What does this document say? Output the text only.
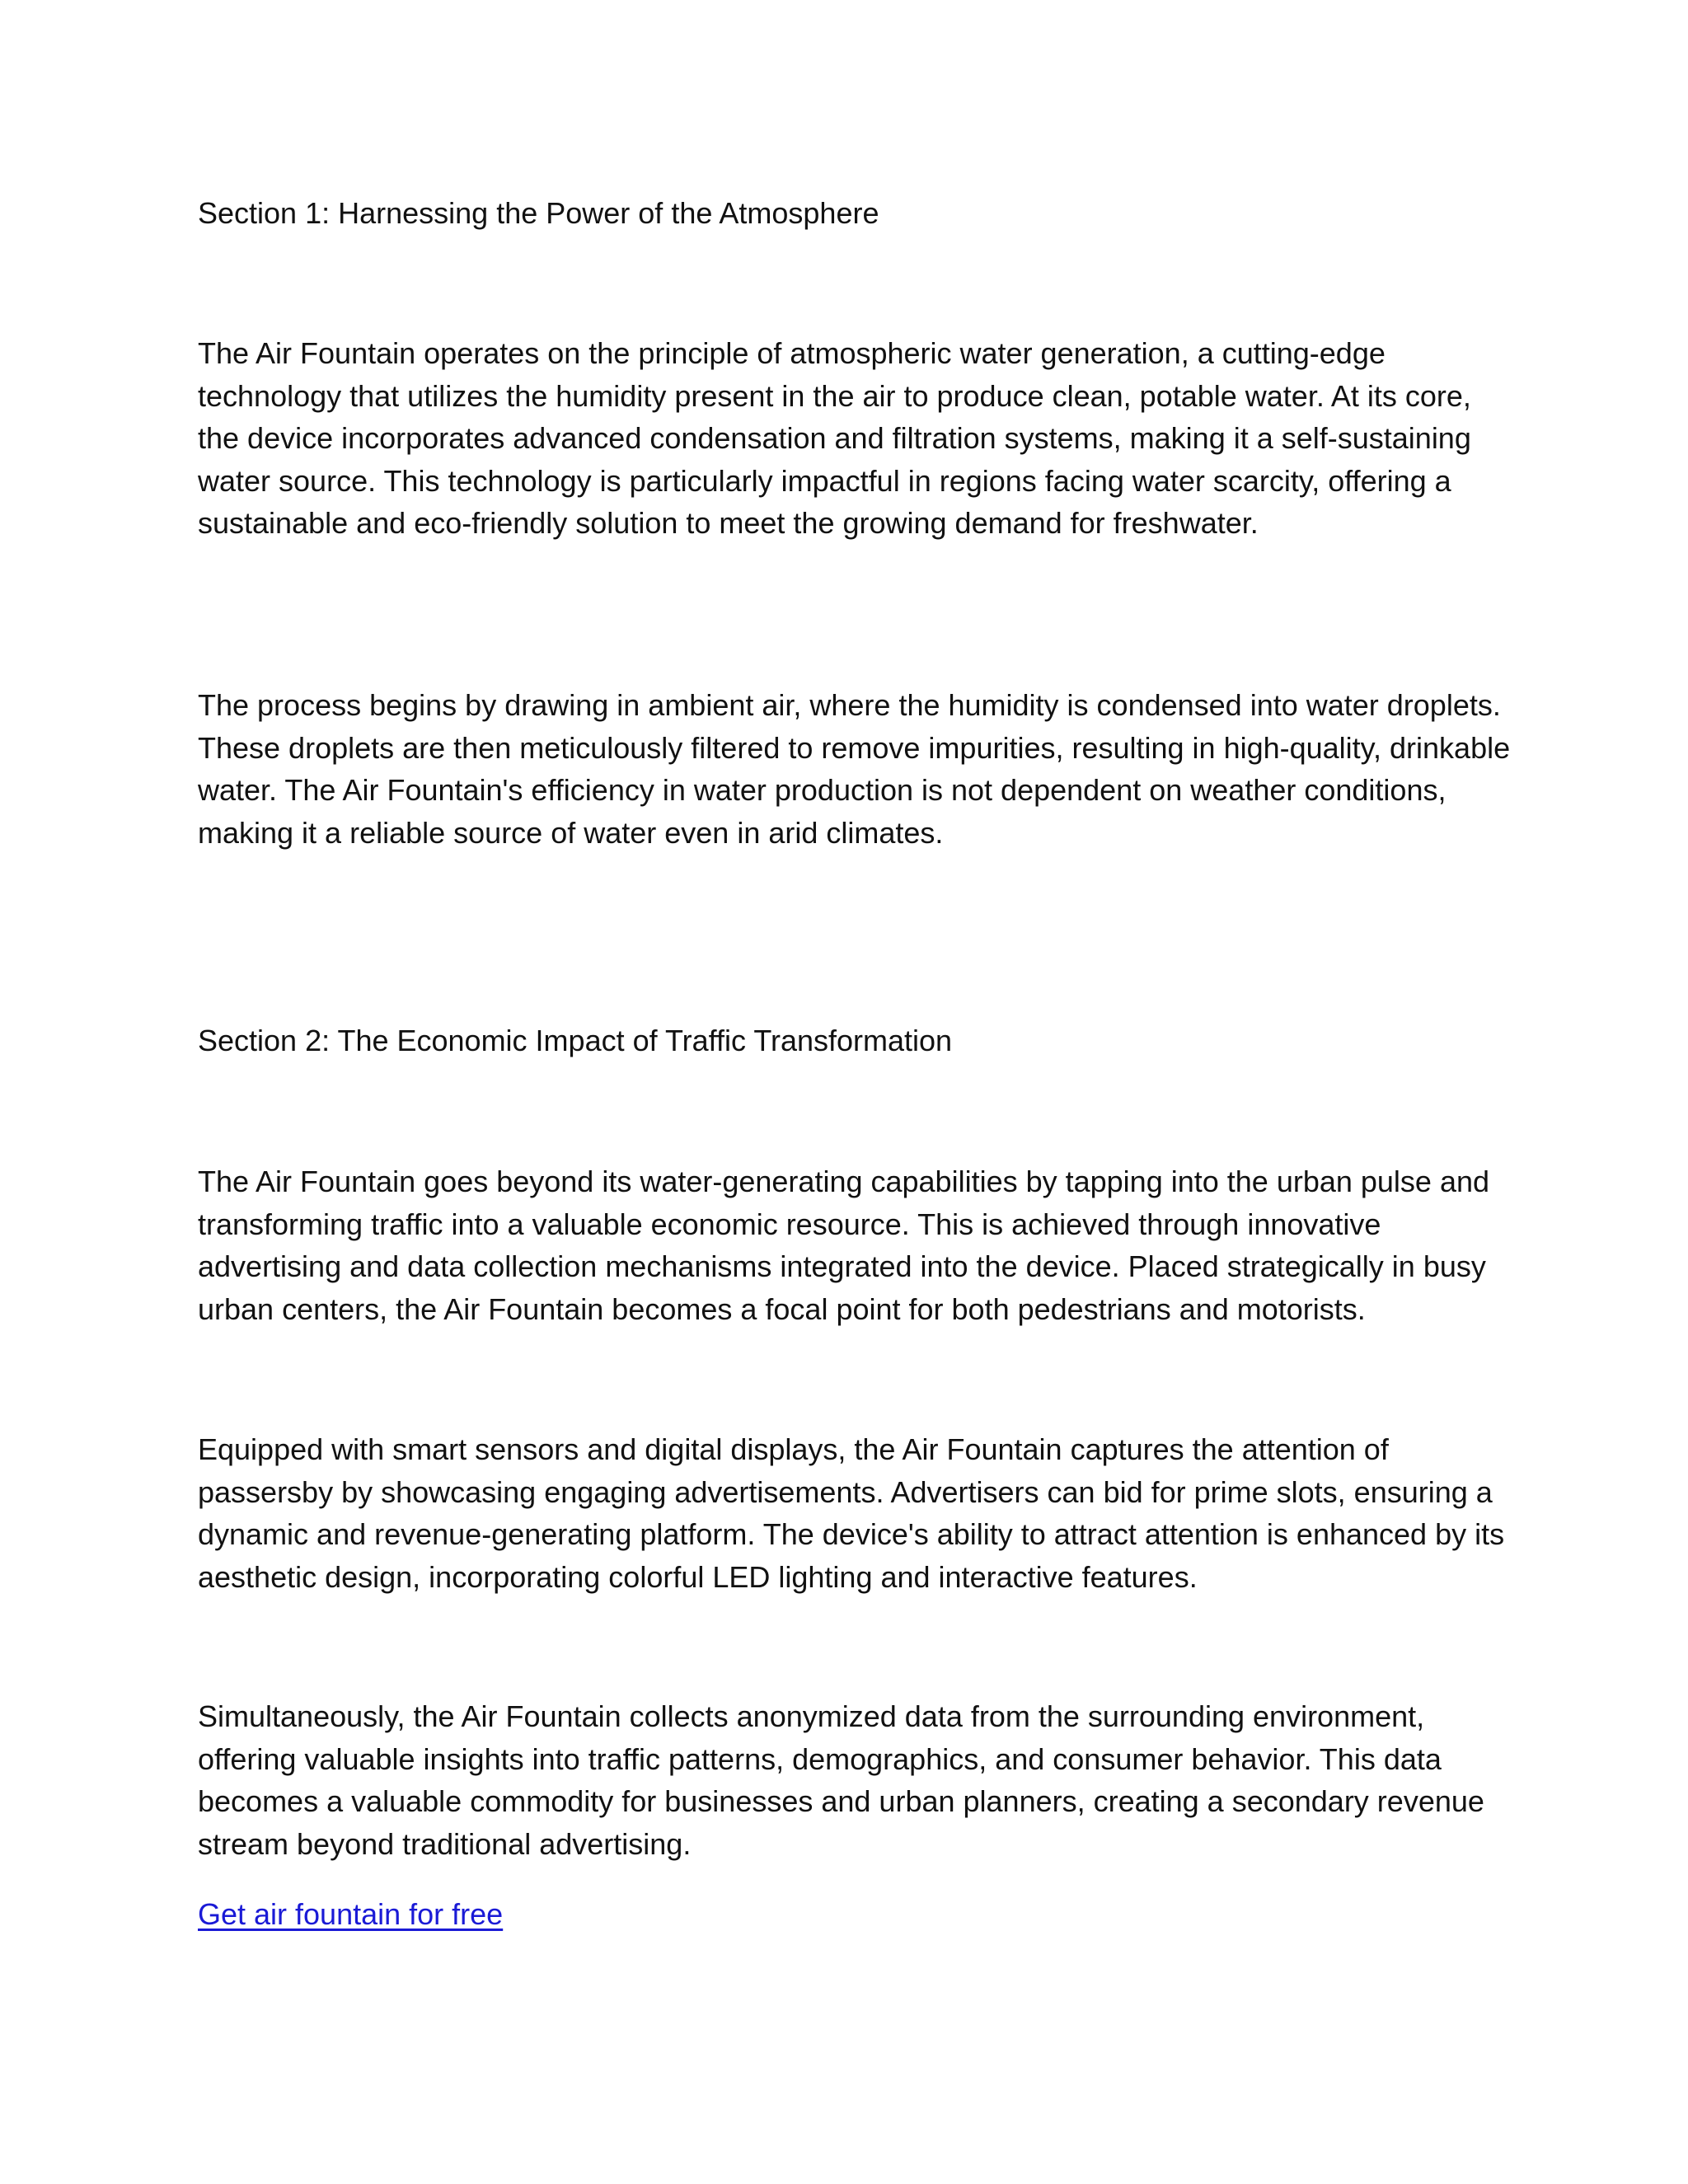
Section 1: Harnessing the Power of the Atmosphere

The Air Fountain operates on the principle of atmospheric water generation, a cutting-edge technology that utilizes the humidity present in the air to produce clean, potable water. At its core, the device incorporates advanced condensation and filtration systems, making it a self-sustaining water source. This technology is particularly impactful in regions facing water scarcity, offering a sustainable and eco-friendly solution to meet the growing demand for freshwater.

The process begins by drawing in ambient air, where the humidity is condensed into water droplets. These droplets are then meticulously filtered to remove impurities, resulting in high-quality, drinkable water. The Air Fountain's efficiency in water production is not dependent on weather conditions, making it a reliable source of water even in arid climates.

Section 2: The Economic Impact of Traffic Transformation

The Air Fountain goes beyond its water-generating capabilities by tapping into the urban pulse and transforming traffic into a valuable economic resource. This is achieved through innovative advertising and data collection mechanisms integrated into the device. Placed strategically in busy urban centers, the Air Fountain becomes a focal point for both pedestrians and motorists.

Equipped with smart sensors and digital displays, the Air Fountain captures the attention of passersby by showcasing engaging advertisements. Advertisers can bid for prime slots, ensuring a dynamic and revenue-generating platform. The device's ability to attract attention is enhanced by its aesthetic design, incorporating colorful LED lighting and interactive features.

Simultaneously, the Air Fountain collects anonymized data from the surrounding environment, offering valuable insights into traffic patterns, demographics, and consumer behavior. This data becomes a valuable commodity for businesses and urban planners, creating a secondary revenue stream beyond traditional advertising.

Get air fountain for free
